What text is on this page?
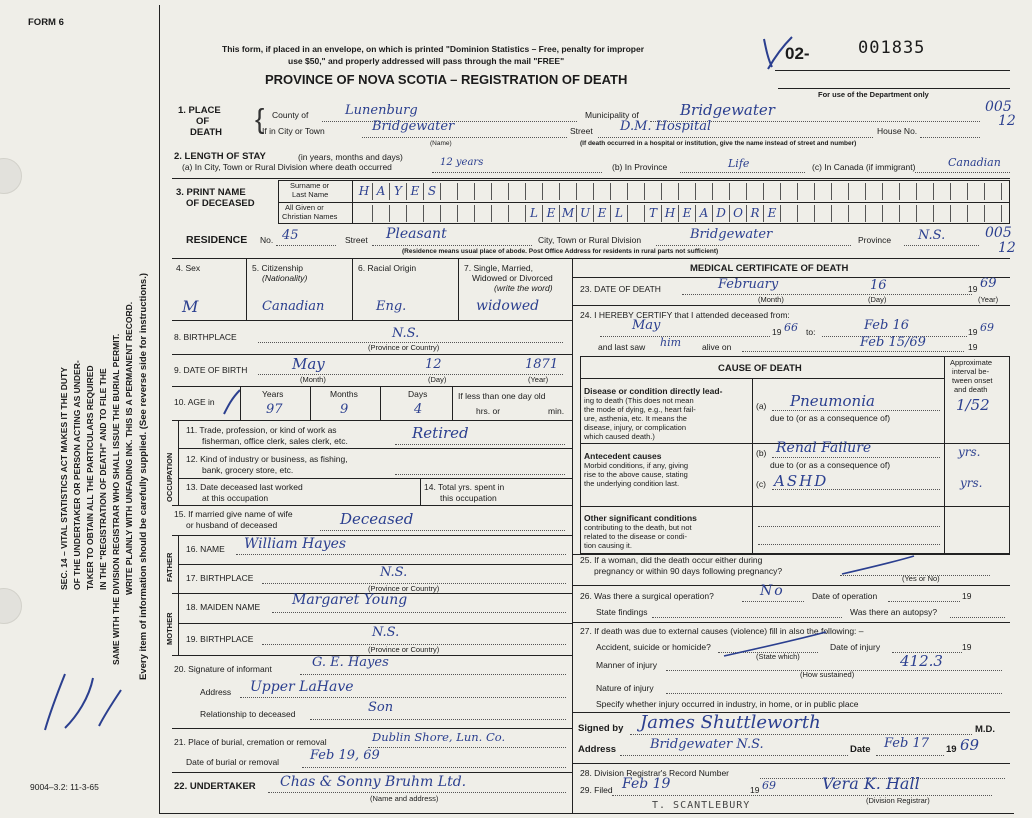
FORM 6
SEC. 14 – VITAL STATISTICS ACT MAKES IT THE DUTY OF THE UNDERTAKER OR PERSON ACTING AS UNDER- TAKER TO OBTAIN ALL THE PARTICULARS REQUIRED IN THE "REGISTRATION OF DEATH" AND TO FILE THE SAME WITH THE DIVISION REGISTRAR WHO SHALL ISSUE THE BURIAL PERMIT. WRITE PLAINLY WITH UNFADING INK. THIS IS A PERMANENT RECORD. Every item of information should be carefully supplied. (See reverse side for instructions.)
9004–3.2: 11-3-65
This form, if placed in an envelope, on which is printed "Dominion Statistics – Free, penalty for improper
use $50," and properly addressed will pass through the mail "FREE"
PROVINCE OF NOVA SCOTIA – REGISTRATION OF DEATH
02-	001835
For use of the Department only
1. PLACE
OF
DEATH { County of	Lunenburg	Municipality of	Bridgewater	005
12
If in City or Town	Bridgewater
(Name)
Street D.M. Hospital	House No.
(If death occurred in a hospital or institution, give the name instead of street and number)
2. LENGTH OF STAY	(in years, months and days)
(a) In City, Town or Rural Division where death occurred	12 years	(b) In Province	Life	(c) In Canada (if immigrant)	Canadian
3. PRINT NAME
OF DECEASED
Surname or
Last Name
All Given or
Christian Names
H A Y E S
L E M U E L	T H E A D O R E
RESIDENCE No. 45	Street Pleasant	City, Town or Rural Division	Bridgewater	Province N.S.	005
12
(Residence means usual place of abode. Post Office Address for residents in rural parts not sufficient)
4. Sex
M
5. Citizenship
(Nationality)
Canadian
6. Racial Origin
Eng.
7. Single, Married,
Widowed or Divorced
(write the word)
widowed
8. BIRTHPLACE	N.S.
(Province or Country)
9. DATE OF BIRTH	May	12	1871
(Month)	(Day)	(Year)
10. AGE in
Years	Months	Days
97	9	4
If less than one day old
hrs. or	min.
OCCUPATION
11. Trade, profession, or kind of work as
fisherman, office clerk, sales clerk, etc.	Retired
12. Kind of industry or business, as fishing,
bank, grocery store, etc.
13. Date deceased last worked
at this occupation
14. Total yrs. spent in
this occupation
15. If married give name of wife
or husband of deceased	Deceased
FATHER
16. NAME William Hayes
17. BIRTHPLACE	N.S.
(Province or Country)
MOTHER
18. MAIDEN NAME Margaret Young
19. BIRTHPLACE	N.S.
(Province or Country)
20. Signature of informant	G. E. Hayes
Address Upper LaHave
Relationship to deceased	Son
21. Place of burial, cremation or removal	Dublin Shore, Lun. Co.
Date of burial or removal Feb 19, 69
22. UNDERTAKER Chas & Sonny Bruhm Ltd.
(Name and address)
MEDICAL CERTIFICATE OF DEATH
23. DATE OF DEATH	February	16	19 69
(Month)	(Day)	(Year)
24. I HEREBY CERTIFY that I attended deceased from:
May	19 66 to:	Feb 16	19 69
and last saw him alive on	Feb 15/69	19
CAUSE OF DEATH
Approximate
interval be-
tween onset
and death
Disease or condition directly lead-
ing to death (This does not mean
the mode of dying, e.g., heart fail-
ure, asthenia, etc. It means the
disease, injury, or complication
which caused death.)
(a) Pneumonia	1/52
due to (or as a consequence of)
Antecedent causes
Morbid conditions, if any, giving
rise to the above cause, stating
the underlying condition last.
(b) Renal Failure	yrs.
due to (or as a consequence of)
(c) ASHD	yrs.
Other significant conditions
contributing to the death, but not
related to the disease or condi-
tion causing it.
25. If a woman, did the death occur either during
pregnancy or within 90 days following pregnancy?
(Yes or No)
26. Was there a surgical operation?	No	Date of operation	19
State findings	Was there an autopsy?
27. If death was due to external causes (violence) fill in also the following: –
Accident, suicide or homicide?
(State which)
Date of injury	19
Manner of injury	412.3
(How sustained)
Nature of injury
Specify whether injury occurred in industry, in home, or in public place
Signed by James Shuttleworth	M.D.
Address	Bridgewater N.S.	Date Feb 17 19 69
28. Division Registrar's Record Number
29. Filed Feb 19	19 69	Vera K. Hall
(Division Registrar)
T. SCANTLEBURY
